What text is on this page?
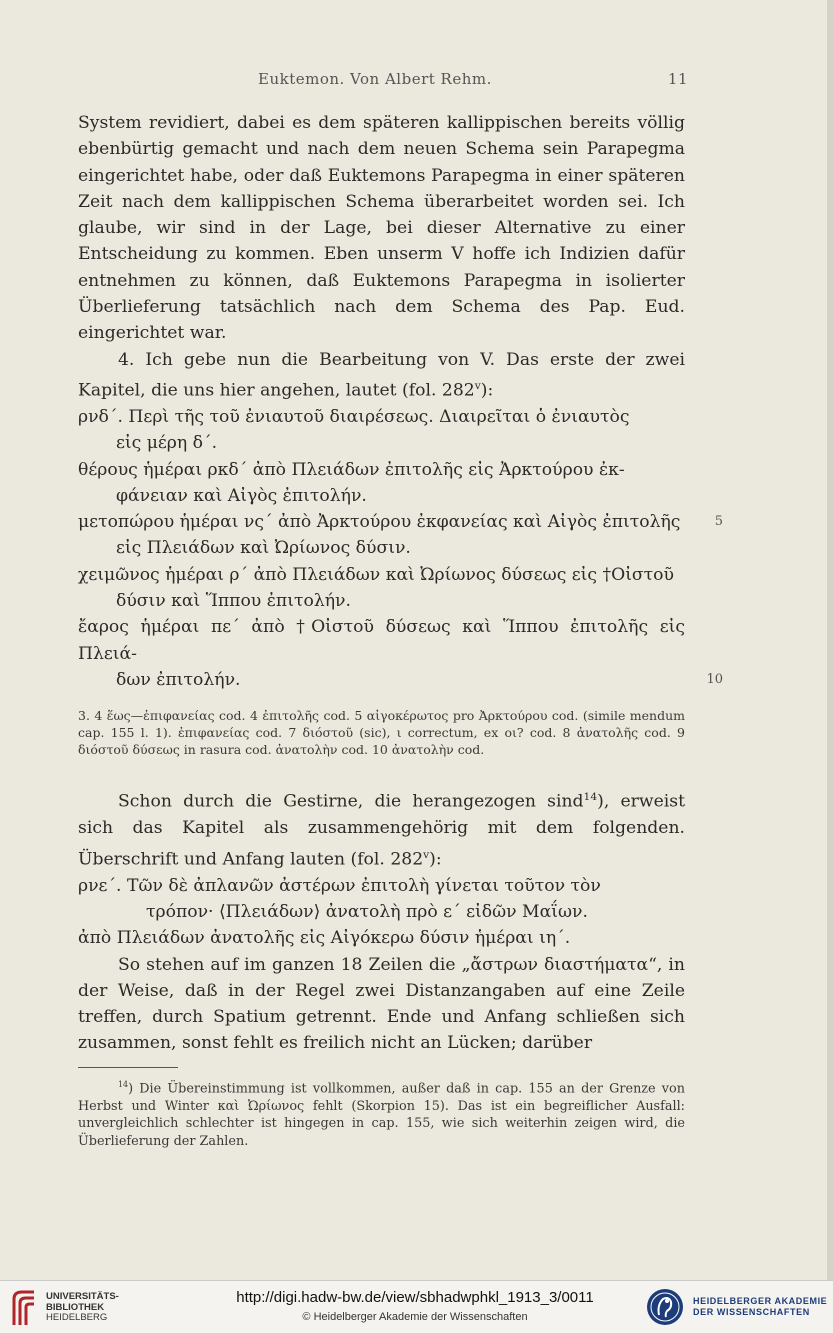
Euktemon. Von Albert Rehm.	11

System revidiert, dabei es dem späteren kallippischen bereits völlig ebenbürtig gemacht und nach dem neuen Schema sein Parapegma eingerichtet habe, oder daß Euktemons Parapegma in einer späteren Zeit nach dem kallippischen Schema überarbeitet worden sei. Ich glaube, wir sind in der Lage, bei dieser Alternative zu einer Entscheidung zu kommen. Eben unserm V hoffe ich Indizien dafür entnehmen zu können, daß Euktemons Parapegma in isolierter Überlieferung tatsächlich nach dem Schema des Pap. Eud. eingerichtet war.

4. Ich gebe nun die Bearbeitung von V. Das erste der zwei Kapitel, die uns hier angehen, lautet (fol. 282$^v$):

ρνδ΄. Περὶ τῆς τοῦ ἐνιαυτοῦ διαιρέσεως. Διαιρεῖται ὁ ἐνιαυτὸς
εἰς μέρη δ΄.
θέρους ἡμέραι ρκδ΄ ἀπὸ Πλειάδων ἐπιτολῆς εἰς Ἀρκτούρου ἐκ-
φάνειαν καὶ Αἰγὸς ἐπιτολήν.
μετοπώρου ἡμέραι νς΄ ἀπὸ Ἀρκτούρου ἐκφανείας καὶ Αἰγὸς ἐπιτολῆς	5
εἰς Πλειάδων καὶ Ὠρίωνος δύσιν.
χειμῶνος ἡμέραι ρ΄ ἀπὸ Πλειάδων καὶ Ὠρίωνος δύσεως εἰς †Οἰστοῦ
δύσιν καὶ Ἵππου ἐπιτολήν.
ἔαρος ἡμέραι πε΄ ἀπὸ †Οἰστοῦ δύσεως καὶ Ἵππου ἐπιτολῆς εἰς Πλειά-
δων ἐπιτολήν.	10
3. 4 ἕως—ἐπιφανείας cod. 4 ἐπιτολῆς cod. 5 αἰγοκέρωτος pro Ἀρκτούρου cod. (simile mendum cap. 155 l. 1). ἐπιφανείας cod. 7 διόστοῦ (sic), ι correctum, ex οι? cod. 8 ἀνατολῆς cod. 9 διόστοῦ δύσεως in rasura cod. ἀνατολὴν cod. 10 ἀνατολὴν cod.

Schon durch die Gestirne, die herangezogen sind$^{14}$), erweist sich das Kapitel als zusammengehörig mit dem folgenden. Überschrift und Anfang lauten (fol. 282$^v$):

ρνε΄. Τῶν δὲ ἀπλανῶν ἀστέρων ἐπιτολὴ γίνεται τοῦτον τὸν
τρόπον· ⟨Πλειάδων⟩ ἀνατολὴ πρὸ ε΄ εἰδῶν Μαΐων.
ἀπὸ Πλειάδων ἀνατολῆς εἰς Αἰγόκερω δύσιν ἡμέραι ιη΄.

So stehen auf im ganzen 18 Zeilen die „ἄστρων διαστήματα“, in der Weise, daß in der Regel zwei Distanzangaben auf eine Zeile treffen, durch Spatium getrennt. Ende und Anfang schließen sich zusammen, sonst fehlt es freilich nicht an Lücken; darüber

$^{14}$) Die Übereinstimmung ist vollkommen, außer daß in cap. 155 an der Grenze von Herbst und Winter καὶ Ὠρίωνος fehlt (Skorpion 15). Das ist ein begreiflicher Ausfall: unvergleichlich schlechter ist hingegen in cap. 155, wie sich weiterhin zeigen wird, die Überlieferung der Zahlen.
UNIVERSITÄTS-
BIBLIOTHEK
HEIDELBERG
http://digi.hadw-bw.de/view/sbhadwphkl_1913_3/0011
© Heidelberger Akademie der Wissenschaften
HEIDELBERGER AKADEMIE
DER WISSENSCHAFTEN
